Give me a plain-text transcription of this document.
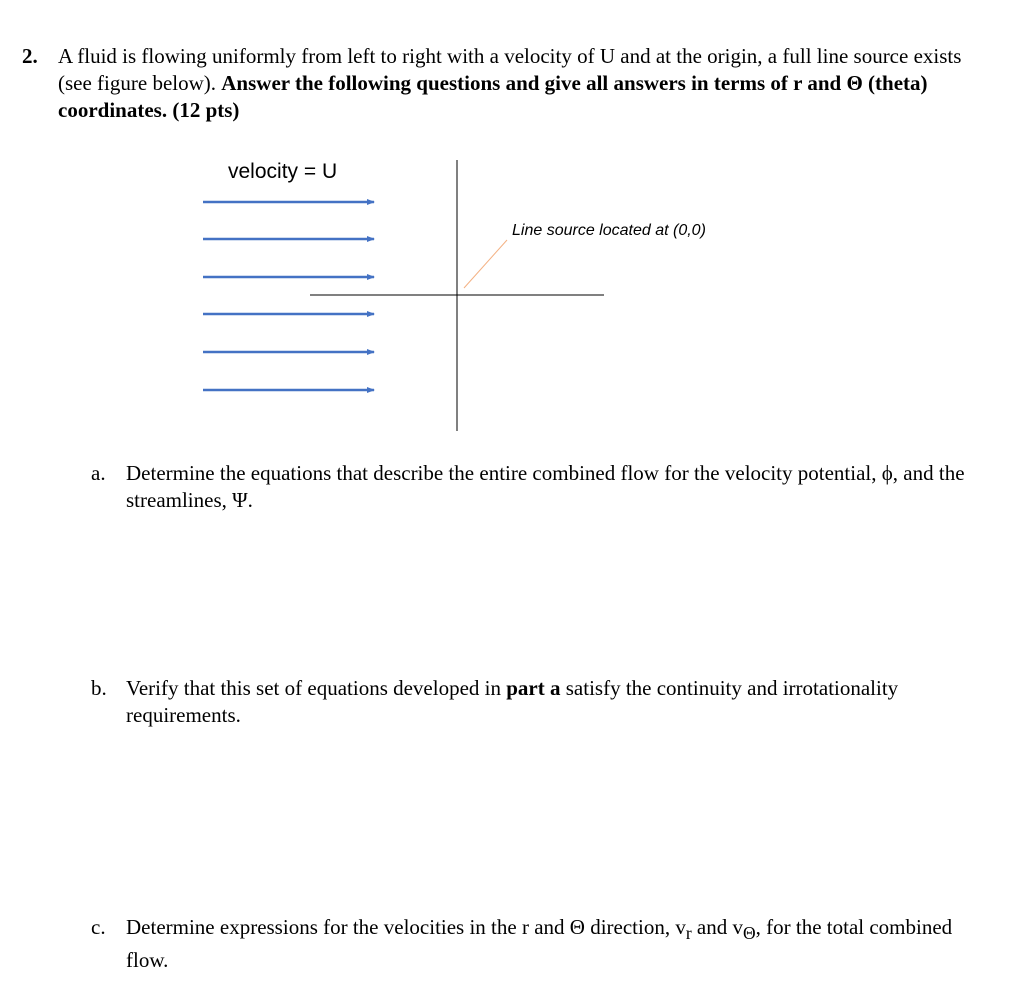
2. A fluid is flowing uniformly from left to right with a velocity of U and at the origin, a full line source exists (see figure below). Answer the following questions and give all answers in terms of r and Θ (theta) coordinates. (12 pts)
velocity = U
Line source located at (0,0)
a. Determine the equations that describe the entire combined flow for the velocity potential, ϕ, and the streamlines, Ψ.
b. Verify that this set of equations developed in part a satisfy the continuity and irrotationality requirements.
c. Determine expressions for the velocities in the r and Θ direction, $v_r$ and $v_\Theta$, for the total combined flow.
